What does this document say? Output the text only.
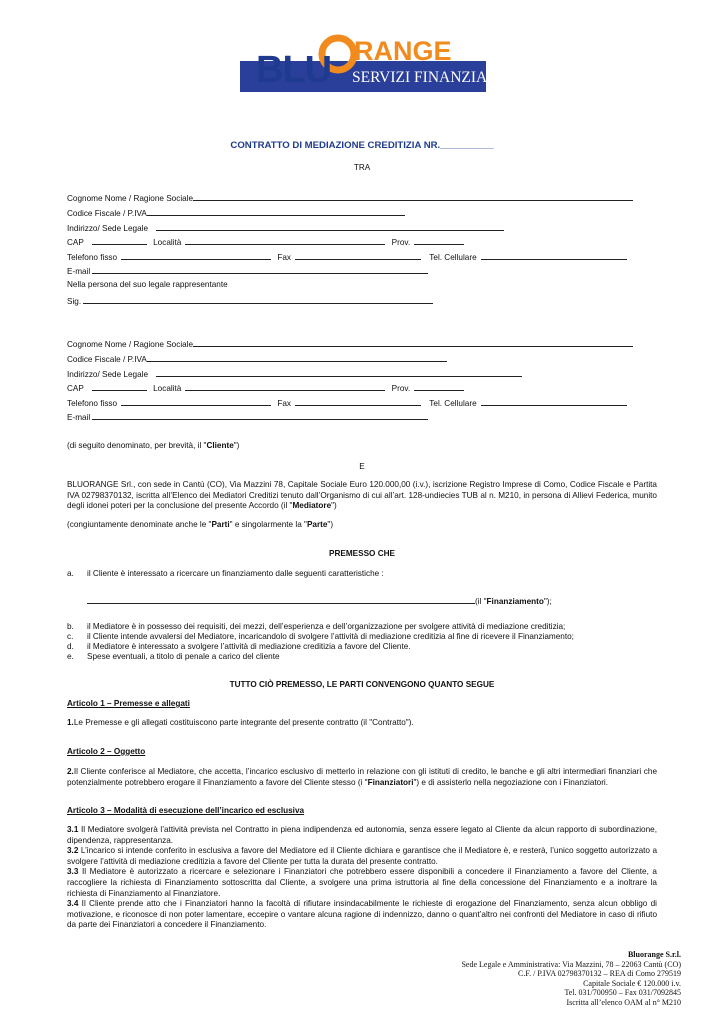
BLU RANGE
SERVIZI FINANZIARI
CONTRATTO DI MEDIAZIONE CREDITIZIA NR.__________
TRA
Cognome Nome / Ragione Sociale
Codice Fiscale / P.IVA
Indirizzo/ Sede Legale
CAP	Località	Prov.
Telefono fisso	Fax	Tel. Cellulare
E-mail
Nella persona del suo legale rappresentante
Sig.
Cognome Nome / Ragione Sociale
Codice Fiscale / P.IVA
Indirizzo/ Sede Legale
CAP	Località	Prov.
Telefono fisso	Fax	Tel. Cellulare
E-mail
(di seguito denominato, per brevità, il "Cliente")
E
BLUORANGE Srl., con sede in Cantù (CO), Via Mazzini 78, Capitale Sociale Euro 120.000,00 (i.v.), iscrizione Registro Imprese di Como, Codice Fiscale e Partita IVA 02798370132, iscritta all’Elenco dei Mediatori Creditizi tenuto dall’Organismo di cui all’art. 128-undiecies TUB al n. M210, in persona di Allievi Federica, munito degli idonei poteri per la conclusione del presente Accordo (il "Mediatore")
(congiuntamente denominate anche le "Parti" e singolarmente la "Parte")
PREMESSO CHE
a. il Cliente è interessato a ricercare un finanziamento dalle seguenti caratteristiche :
(il "Finanziamento");
b. il Mediatore è in possesso dei requisiti, dei mezzi, dell’esperienza e dell’organizzazione per svolgere attività di mediazione creditizia;
c. il Cliente intende avvalersi del Mediatore, incaricandolo di svolgere l’attività di mediazione creditizia al fine di ricevere il Finanziamento;
d. il Mediatore è interessato a svolgere l’attività di mediazione creditizia a favore del Cliente.
e. Spese eventuali, a titolo di penale a carico del cliente
TUTTO CIÒ PREMESSO, LE PARTI CONVENGONO QUANTO SEGUE
Articolo 1 – Premesse e allegati
1.Le Premesse e gli allegati costituiscono parte integrante del presente contratto (il "Contratto").
Articolo 2 – Oggetto
2.Il Cliente conferisce al Mediatore, che accetta, l’incarico esclusivo di metterlo in relazione con gli istituti di credito, le banche e gli altri intermediari finanziari che potenzialmente potrebbero erogare il Finanziamento a favore del Cliente stesso (i "Finanziatori") e di assisterlo nella negoziazione con i Finanziatori.
Articolo 3 – Modalità di esecuzione dell’incarico ed esclusiva
3.1 Il Mediatore svolgerà l’attività prevista nel Contratto in piena indipendenza ed autonomia, senza essere legato al Cliente da alcun rapporto di subordinazione, dipendenza, rappresentanza.
3.2 L’incarico si intende conferito in esclusiva a favore del Mediatore ed il Cliente dichiara e garantisce che il Mediatore è, e resterà, l’unico soggetto autorizzato a svolgere l’attività di mediazione creditizia a favore del Cliente per tutta la durata del presente contratto.
3.3 Il Mediatore è autorizzato a ricercare e selezionare i Finanziatori che potrebbero essere disponibili a concedere il Finanziamento a favore del Cliente, a raccogliere la richiesta di Finanziamento sottoscritta dal Cliente, a svolgere una prima istruttoria al fine della concessione del Finanziamento e a inoltrare la richiesta di Finanziamento al Finanziatore.
3.4 Il Cliente prende atto che i Finanziatori hanno la facoltà di rifiutare insindacabilmente le richieste di erogazione del Finanziamento, senza alcun obbligo di motivazione, e riconosce di non poter lamentare, eccepire o vantare alcuna ragione di indennizzo, danno o quant’altro nei confronti del Mediatore in caso di rifiuto da parte dei Finanziatori a concedere il Finanziamento.
Bluorange S.r.l.
Sede Legale e Amministrativa: Via Mazzini, 78 – 22063 Cantù (CO)
C.F. / P.IVA 02798370132 – REA di Como 279519
Capitale Sociale € 120.000 i.v.
Tel. 031/700950 – Fax 031/7092845
Iscritta all’elenco OAM al n° M210
